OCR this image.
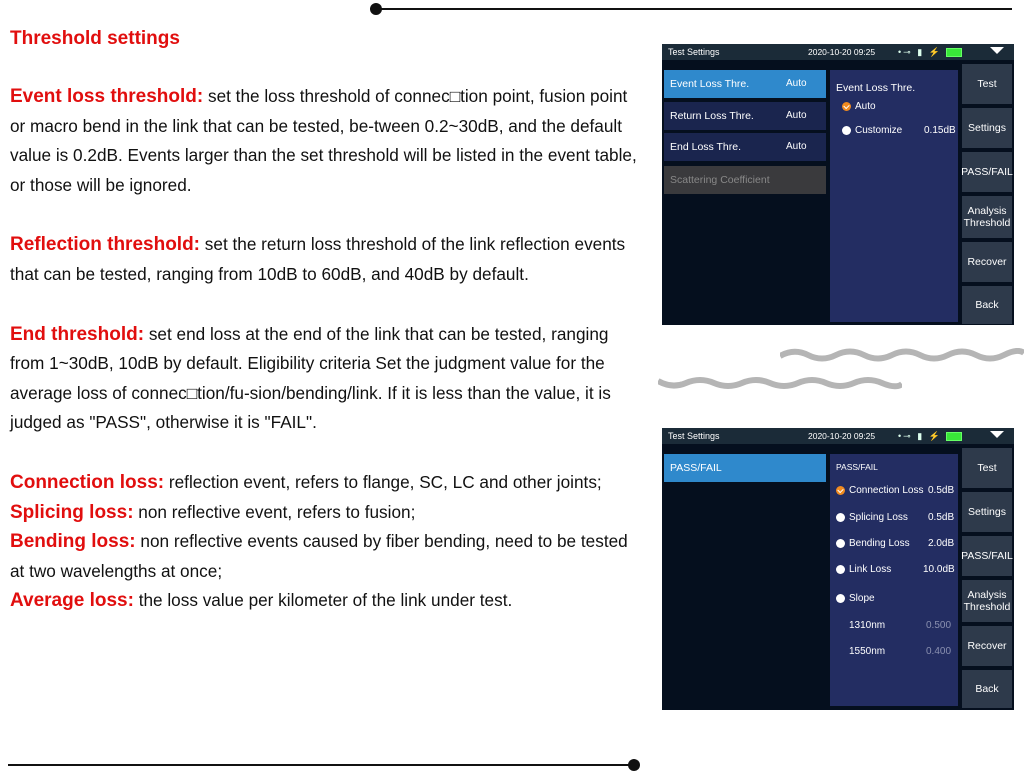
Threshold settings
Event loss threshold: set the loss threshold of connec□tion point, fusion point or macro bend in the link that can be tested, be-tween 0.2~30dB, and the default value is 0.2dB. Events larger than the set threshold will be listed in the event table, or those will be ignored.
Reflection threshold: set the return loss threshold of the link reflection events that can be tested, ranging from 10dB to 60dB, and 40dB by default.
End threshold: set end loss at the end of the link that can be tested, ranging from 1~30dB, 10dB by default. Eligibility criteria Set the judgment value for the average loss of connec□tion/fu-sion/bending/link. If it is less than the value, it is judged as "PASS", otherwise it is "FAIL".
Connection loss: reflection event, refers to flange, SC, LC and other joints;
Splicing loss: non reflective event, refers to fusion;
Bending loss: non reflective events caused by fiber bending, need to be tested at two wavelengths at once;
Average loss: the loss value per kilometer of the link under test.
Test Settings	2020-10-20 09:25	•⊸ ▮ ⚡
Event Loss Thre.	Auto
Return Loss Thre.	Auto
End Loss Thre.	Auto
Scattering Coefficient
Event Loss Thre.
Auto
Customize 0.15dB
Test
Settings
PASS/FAIL
Analysis Threshold
Recover
Back
Test Settings	2020-10-20 09:25	•⊸ ▮ ⚡
PASS/FAIL	PASS/FAIL
Connection Loss 0.5dB
Splicing Loss 0.5dB
Bending Loss 2.0dB
Link Loss	10.0dB
Slope
1310nm	0.500
1550nm	0.400
Test
Settings
PASS/FAIL
Analysis Threshold
Recover
Back
